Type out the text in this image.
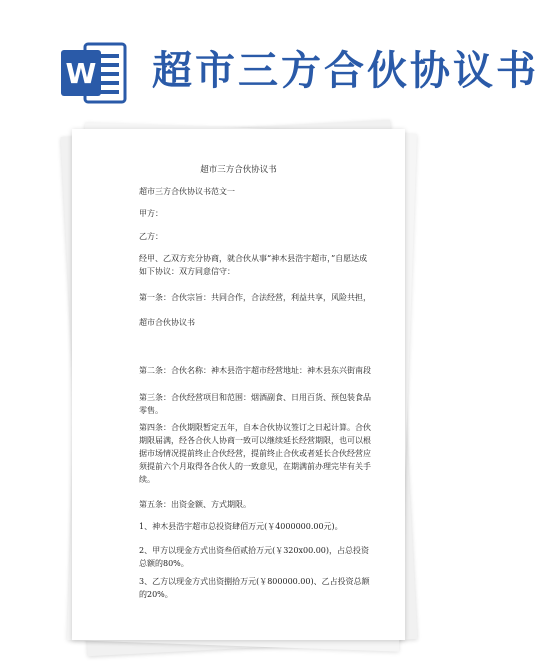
W 超市三方合伙协议书
超市三方合伙协议书
超市三方合伙协议书范文一
甲方：
乙方：
经甲、乙双方充分协商，就合伙从事“神木县浩宇超市，”自愿达成如下协议：双方同意信守：
第一条：合伙宗旨：共同合作，合法经营，利益共享，风险共担，
超市合伙协议书
第二条：合伙名称：神木县浩宇超市经营地址：神木县东兴街南段
第三条：合伙经营项目和范围：烟酒副食、日用百货、预包装食品零售。
第四条：合伙期限暂定五年，自本合伙协议签订之日起计算。合伙期限届满，经各合伙人协商一致可以继续延长经营期限，也可以根据市场情况提前终止合伙经营，提前终止合伙或者延长合伙经营应须提前六个月取得各合伙人的一致意见，在期满前办理完毕有关手续。
第五条：出资金额、方式期限。
1、神木县浩宇超市总投资肆佰万元(￥4000000.00元)。
2、甲方以现金方式出资叁佰贰拾万元(￥320x00.00)，占总投资总额的80%。
3、乙方以现金方式出资捌拾万元(￥800000.00)、乙占投资总额的20%。
